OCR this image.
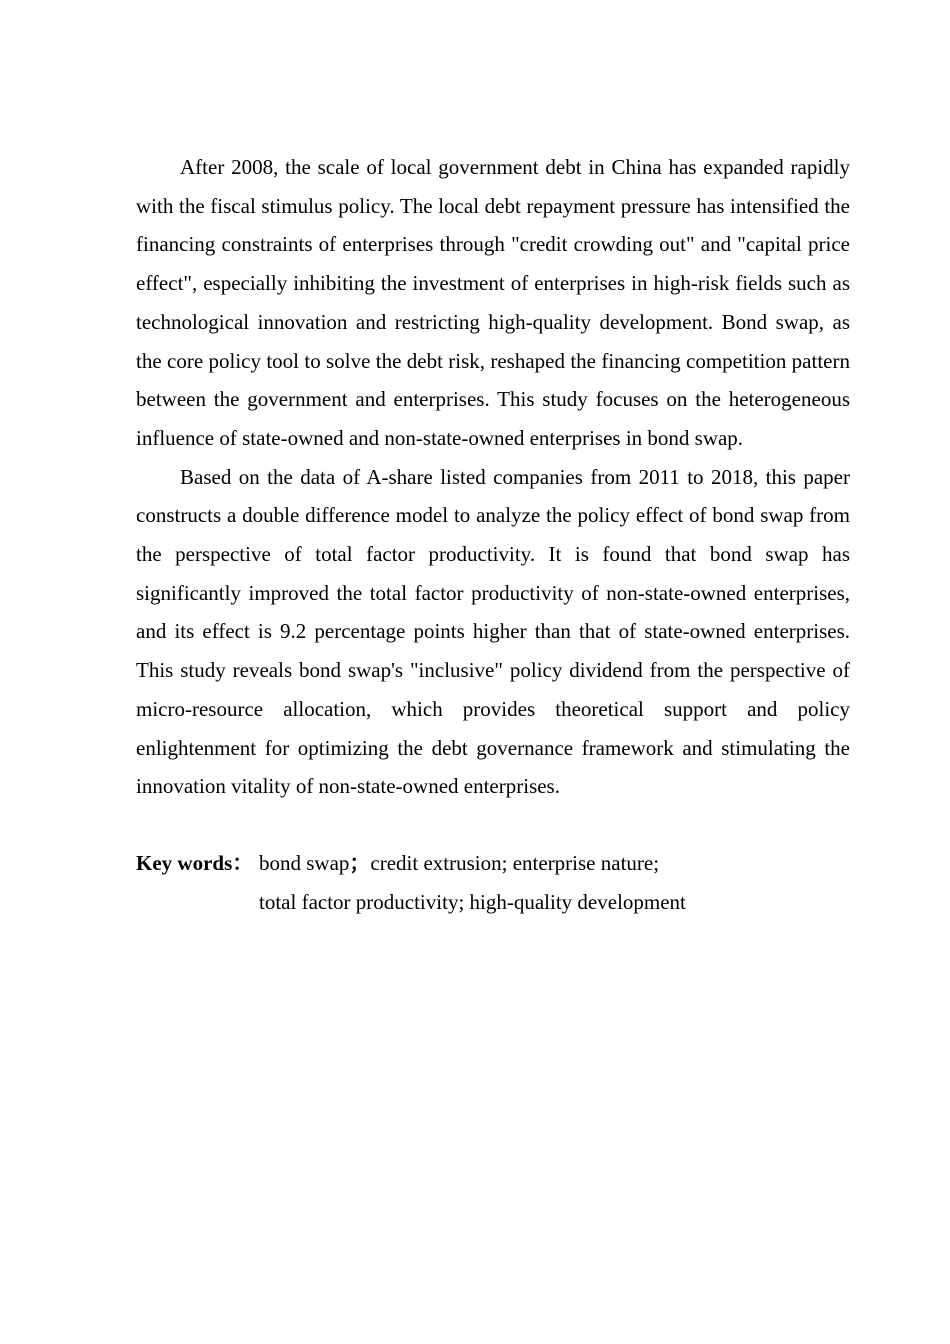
After 2008, the scale of local government debt in China has expanded rapidly with the fiscal stimulus policy. The local debt repayment pressure has intensified the financing constraints of enterprises through "credit crowding out" and "capital price effect", especially inhibiting the investment of enterprises in high-risk fields such as technological innovation and restricting high-quality development. Bond swap, as the core policy tool to solve the debt risk, reshaped the financing competition pattern between the government and enterprises. This study focuses on the heterogeneous influence of state-owned and non-state-owned enterprises in bond swap.

Based on the data of A-share listed companies from 2011 to 2018, this paper constructs a double difference model to analyze the policy effect of bond swap from the perspective of total factor productivity. It is found that bond swap has significantly improved the total factor productivity of non-state-owned enterprises, and its effect is 9.2 percentage points higher than that of state-owned enterprises. This study reveals bond swap's "inclusive" policy dividend from the perspective of micro-resource allocation, which provides theoretical support and policy enlightenment for optimizing the debt governance framework and stimulating the innovation vitality of non-state-owned enterprises.

Key words： bond swap；credit extrusion; enterprise nature;
total factor productivity; high-quality development
